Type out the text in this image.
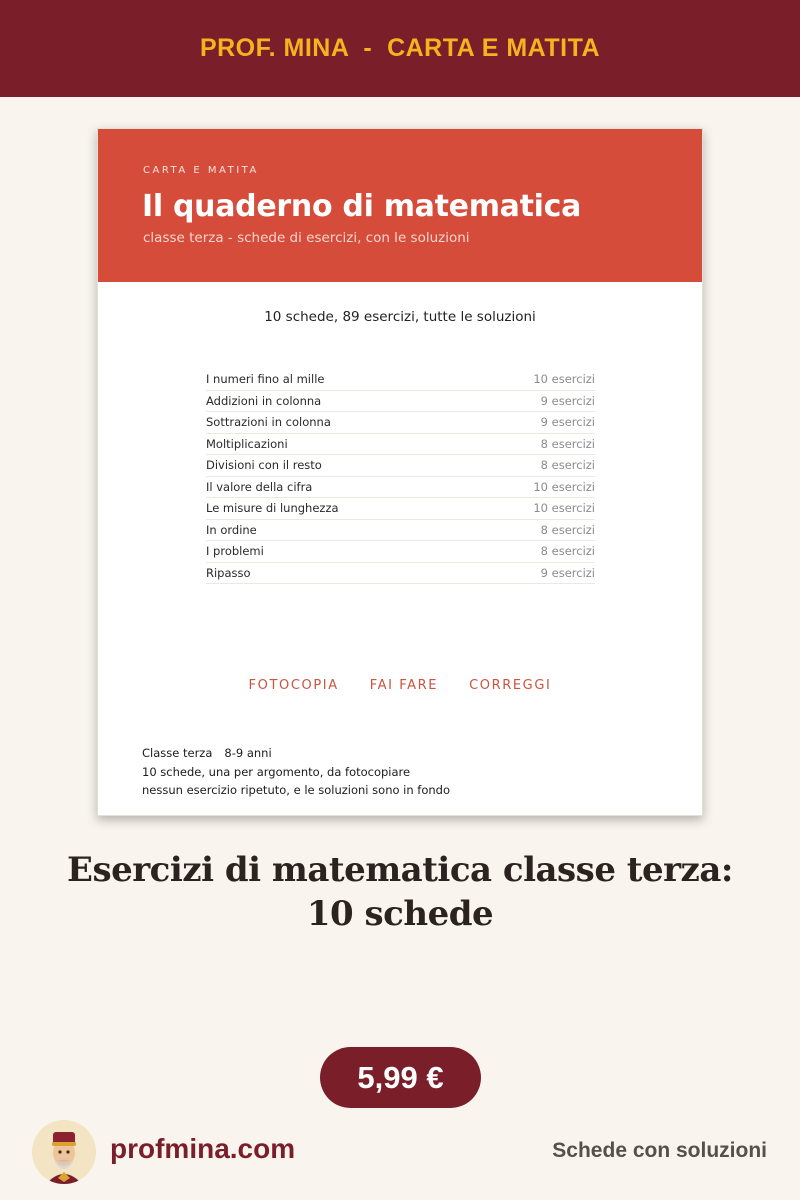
PROF. MINA  -  CARTA E MATITA
CARTA E MATITA
Il quaderno di matematica
classe terza - schede di esercizi, con le soluzioni
10 schede, 89 esercizi, tutte le soluzioni
I numeri fino al mille	10 esercizi
Addizioni in colonna	9 esercizi
Sottrazioni in colonna	9 esercizi
Moltiplicazioni	8 esercizi
Divisioni con il resto	8 esercizi
Il valore della cifra	10 esercizi
Le misure di lunghezza	10 esercizi
In ordine	8 esercizi
I problemi	8 esercizi
Ripasso	9 esercizi
FOTOCOPIA FAI FARE CORREGGI
Classe terza 8-9 anni
10 schede, una per argomento, da fotocopiare
nessun esercizio ripetuto, e le soluzioni sono in fondo
Esercizi di matematica classe terza:
10 schede
5,99 €
profmina.com	Schede con soluzioni
